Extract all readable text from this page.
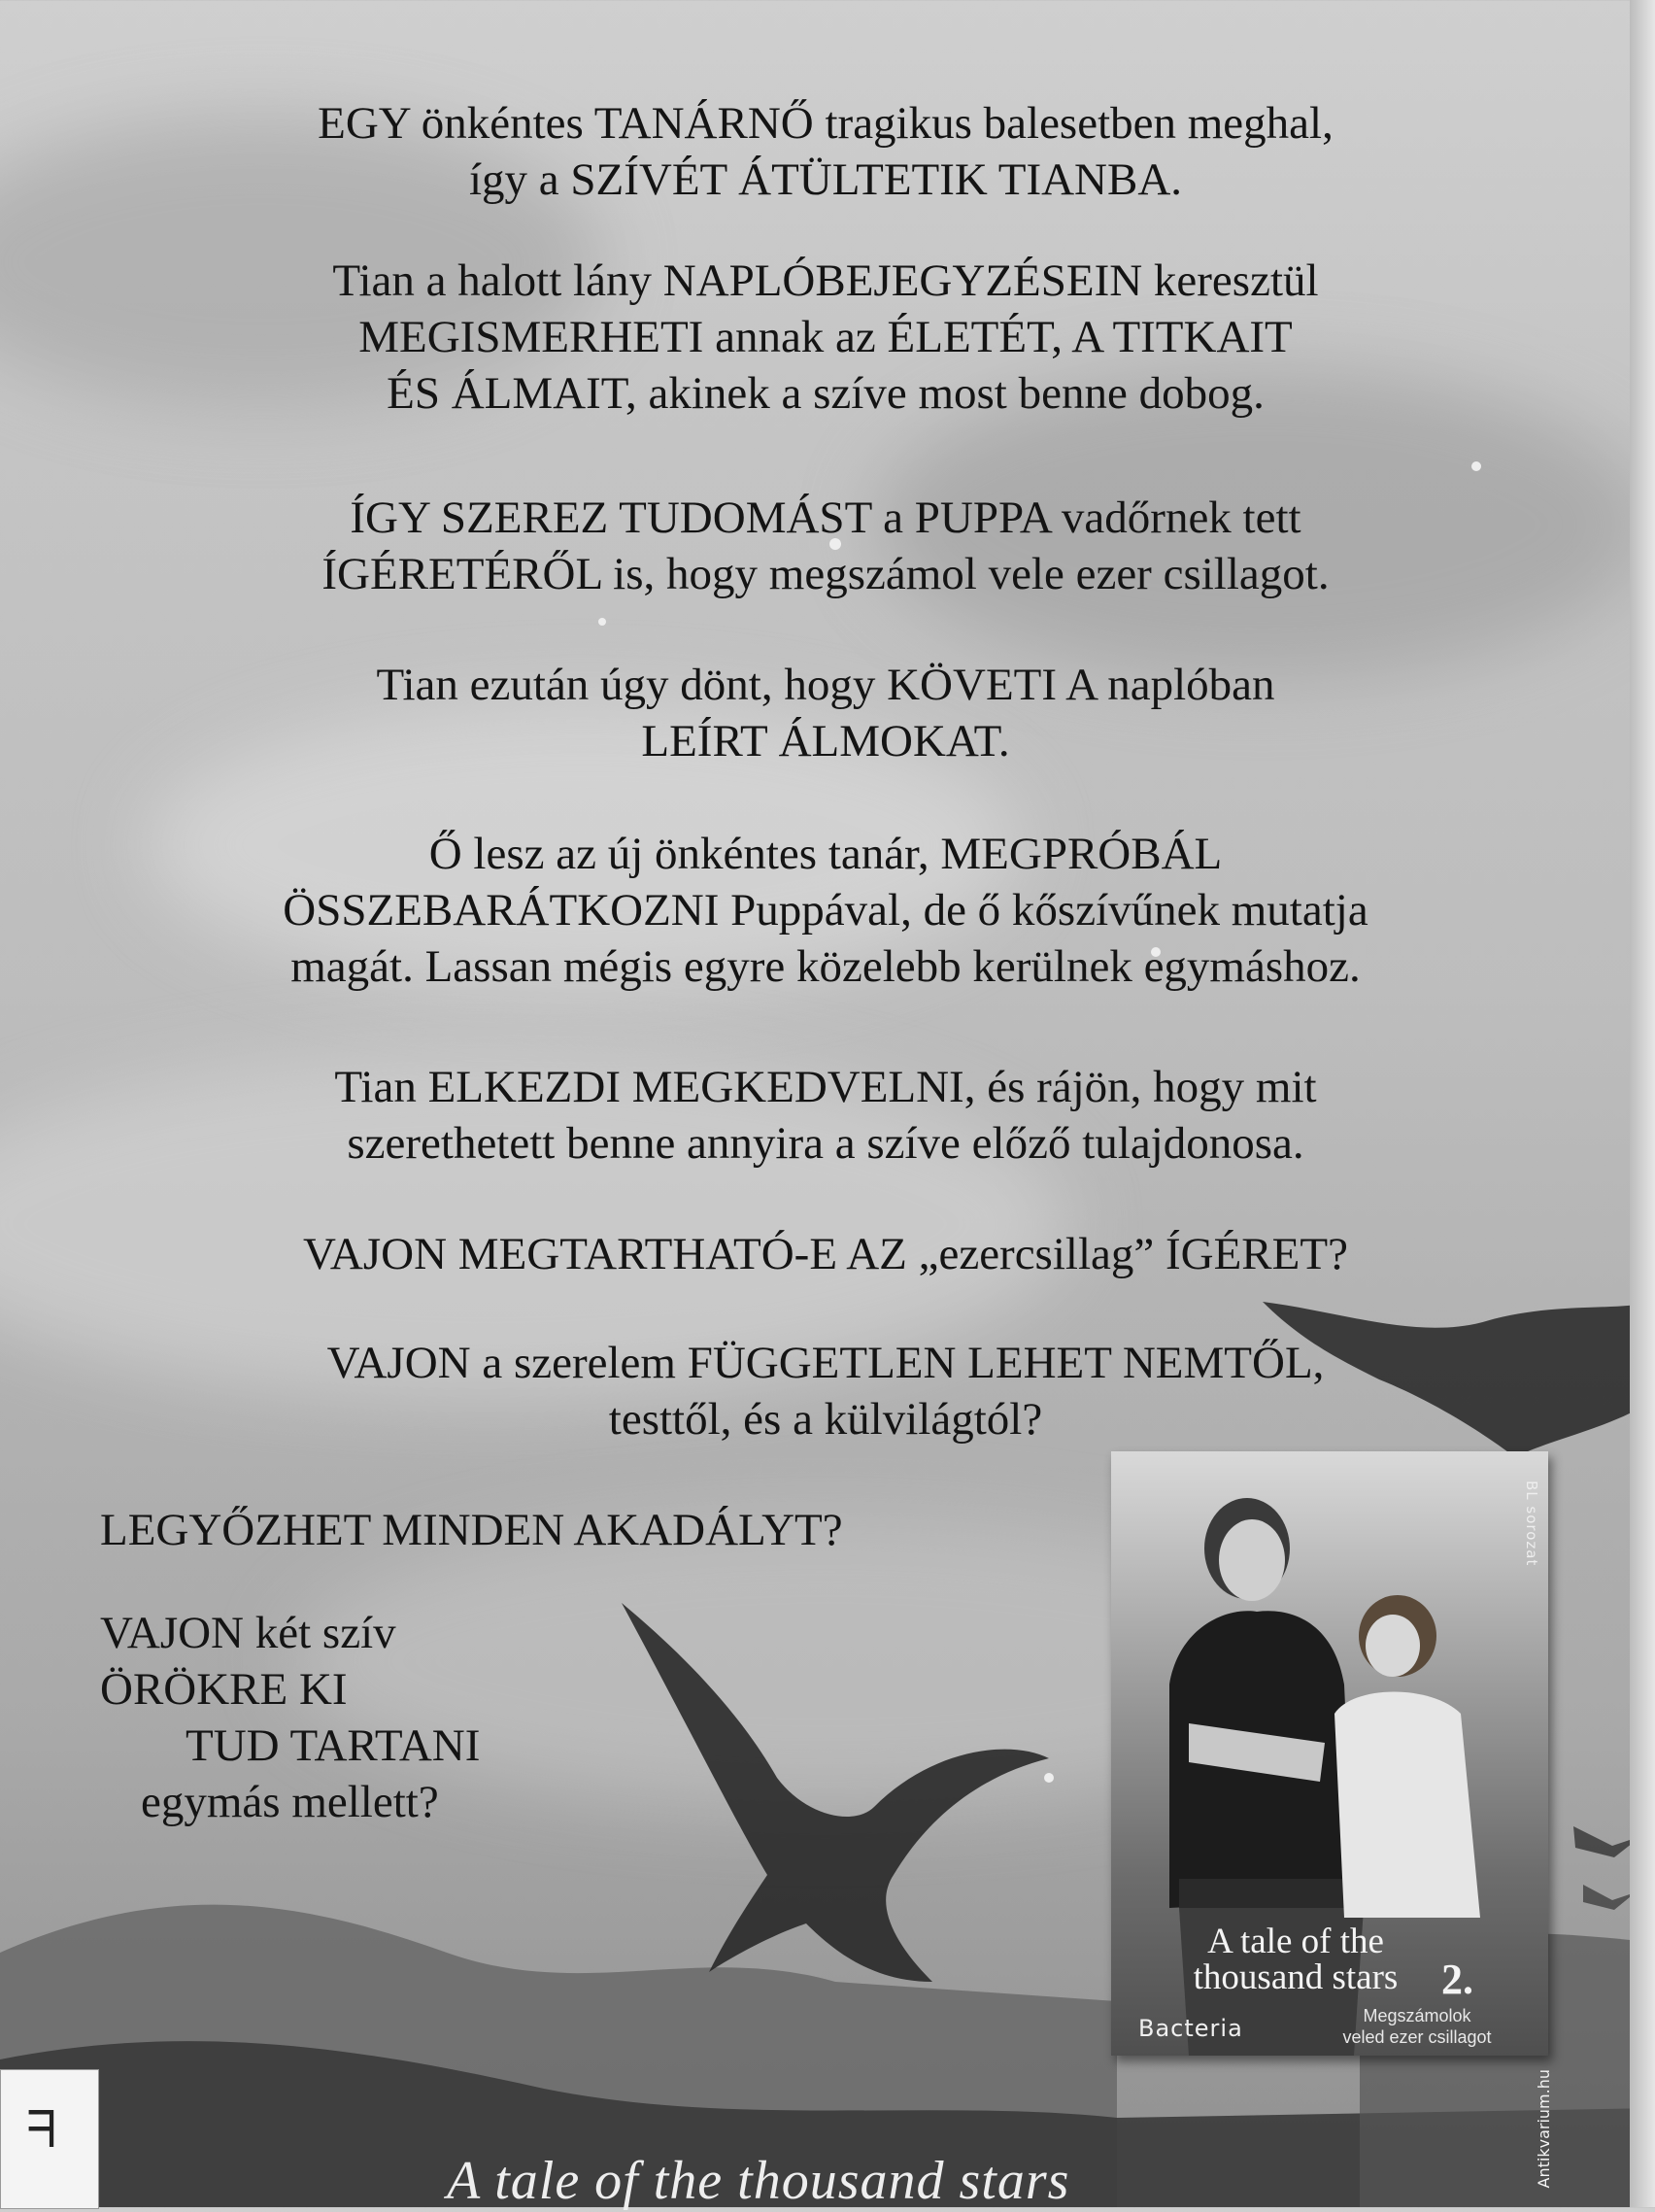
EGY önkéntes TANÁRNŐ tragikus balesetben meghal,
így a SZÍVÉT ÁTÜLTETIK TIANBA.

Tian a halott lány NAPLÓBEJEGYZÉSEIN keresztül
MEGISMERHETI annak az ÉLETÉT, A TITKAIT
ÉS ÁLMAIT, akinek a szíve most benne dobog.

ÍGY SZEREZ TUDOMÁST a PUPPA vadőrnek tett
ÍGÉRETÉRŐL is, hogy megszámol vele ezer csillagot.

Tian ezután úgy dönt, hogy KÖVETI A naplóban
LEÍRT ÁLMOKAT.

Ő lesz az új önkéntes tanár, MEGPRÓBÁL
ÖSSZEBARÁTKOZNI Puppával, de ő kőszívűnek mutatja
magát. Lassan mégis egyre közelebb kerülnek egymáshoz.

Tian ELKEZDI MEGKEDVELNI, és rájön, hogy mit
szerethetett benne annyira a szíve előző tulajdonosa.

VAJON MEGTARTHATÓ-E AZ „ezercsillag” ÍGÉRET?

VAJON a szerelem FÜGGETLEN LEHET NEMTŐL,
testtől, és a külvilágtól?

LEGYŐZHET MINDEN AKADÁLYT?

VAJON két szív
ÖRÖKRE KI
TUD TARTANI
egymás mellett?

BL sorozat
A tale of the
thousand stars	2.
Bacteria	Megszámolok
veled ezer csillagot
A tale of the thousand stars
ᖷ	Antikvarium.hu
